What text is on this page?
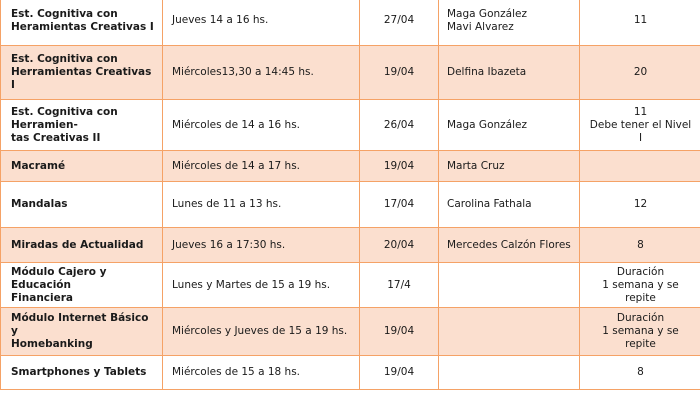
Est. Cognitiva con
Heramientas Creativas I	Jueves 14 a 16 hs.	27/04	Maga González
Mavi Alvarez	11

Est. Cognitiva con
Herramientas Creativas I	Miércoles13,30 a 14:45 hs.	19/04	Delfina Ibazeta	20

Est. Cognitiva con Herramien-
tas Creativas II	Miércoles de 14 a 16 hs.	26/04	Maga González	11
Debe tener el Nivel I

Macramé	Miércoles de 14 a 17 hs.	19/04	Marta Cruz	

Mandalas	Lunes de 11 a 13 hs.	17/04	Carolina Fathala	12

Miradas de Actualidad	Jueves 16 a 17:30 hs.	20/04	Mercedes Calzón Flores	8

Módulo Cajero y Educación
Financiera	Lunes y Martes de 15 a 19 hs.	17/4		Duración
1 semana y se repite

Módulo Internet Básico y
Homebanking	Miércoles y Jueves de 15 a 19 hs.	19/04		Duración
1 semana y se repite

Smartphones y Tablets	Miércoles de 15 a 18 hs.	19/04		8
